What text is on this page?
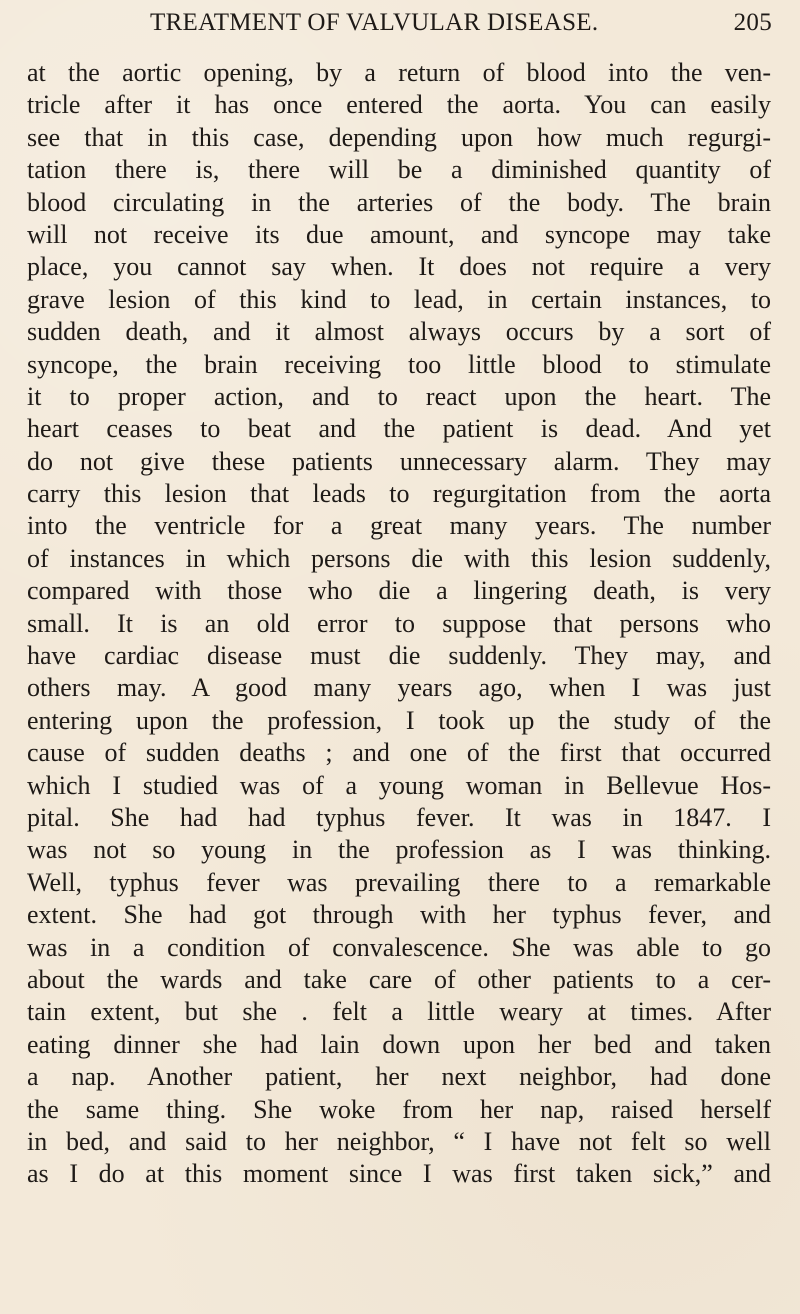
TREATMENT OF VALVULAR DISEASE.	205
at the aortic opening, by a return of blood into the ven-
tricle after it has once entered the aorta. You can easily
see that in this case, depending upon how much regurgi-
tation there is, there will be a diminished quantity of
blood circulating in the arteries of the body. The brain
will not receive its due amount, and syncope may take
place, you cannot say when. It does not require a very
grave lesion of this kind to lead, in certain instances, to
sudden death, and it almost always occurs by a sort of
syncope, the brain receiving too little blood to stimulate
it to proper action, and to react upon the heart. The
heart ceases to beat and the patient is dead. And yet
do not give these patients unnecessary alarm. They may
carry this lesion that leads to regurgitation from the aorta
into the ventricle for a great many years. The number
of instances in which persons die with this lesion suddenly,
compared with those who die a lingering death, is very
small. It is an old error to suppose that persons who
have cardiac disease must die suddenly. They may, and
others may. A good many years ago, when I was just
entering upon the profession, I took up the study of the
cause of sudden deaths ; and one of the first that occurred
which I studied was of a young woman in Bellevue Hos-
pital. She had had typhus fever. It was in 1847. I
was not so young in the profession as I was thinking.
Well, typhus fever was prevailing there to a remarkable
extent. She had got through with her typhus fever, and
was in a condition of convalescence. She was able to go
about the wards and take care of other patients to a cer-
tain extent, but she . felt a little weary at times. After
eating dinner she had lain down upon her bed and taken
a nap. Another patient, her next neighbor, had done
the same thing. She woke from her nap, raised herself
in bed, and said to her neighbor, “ I have not felt so well
as I do at this moment since I was first taken sick,” and
